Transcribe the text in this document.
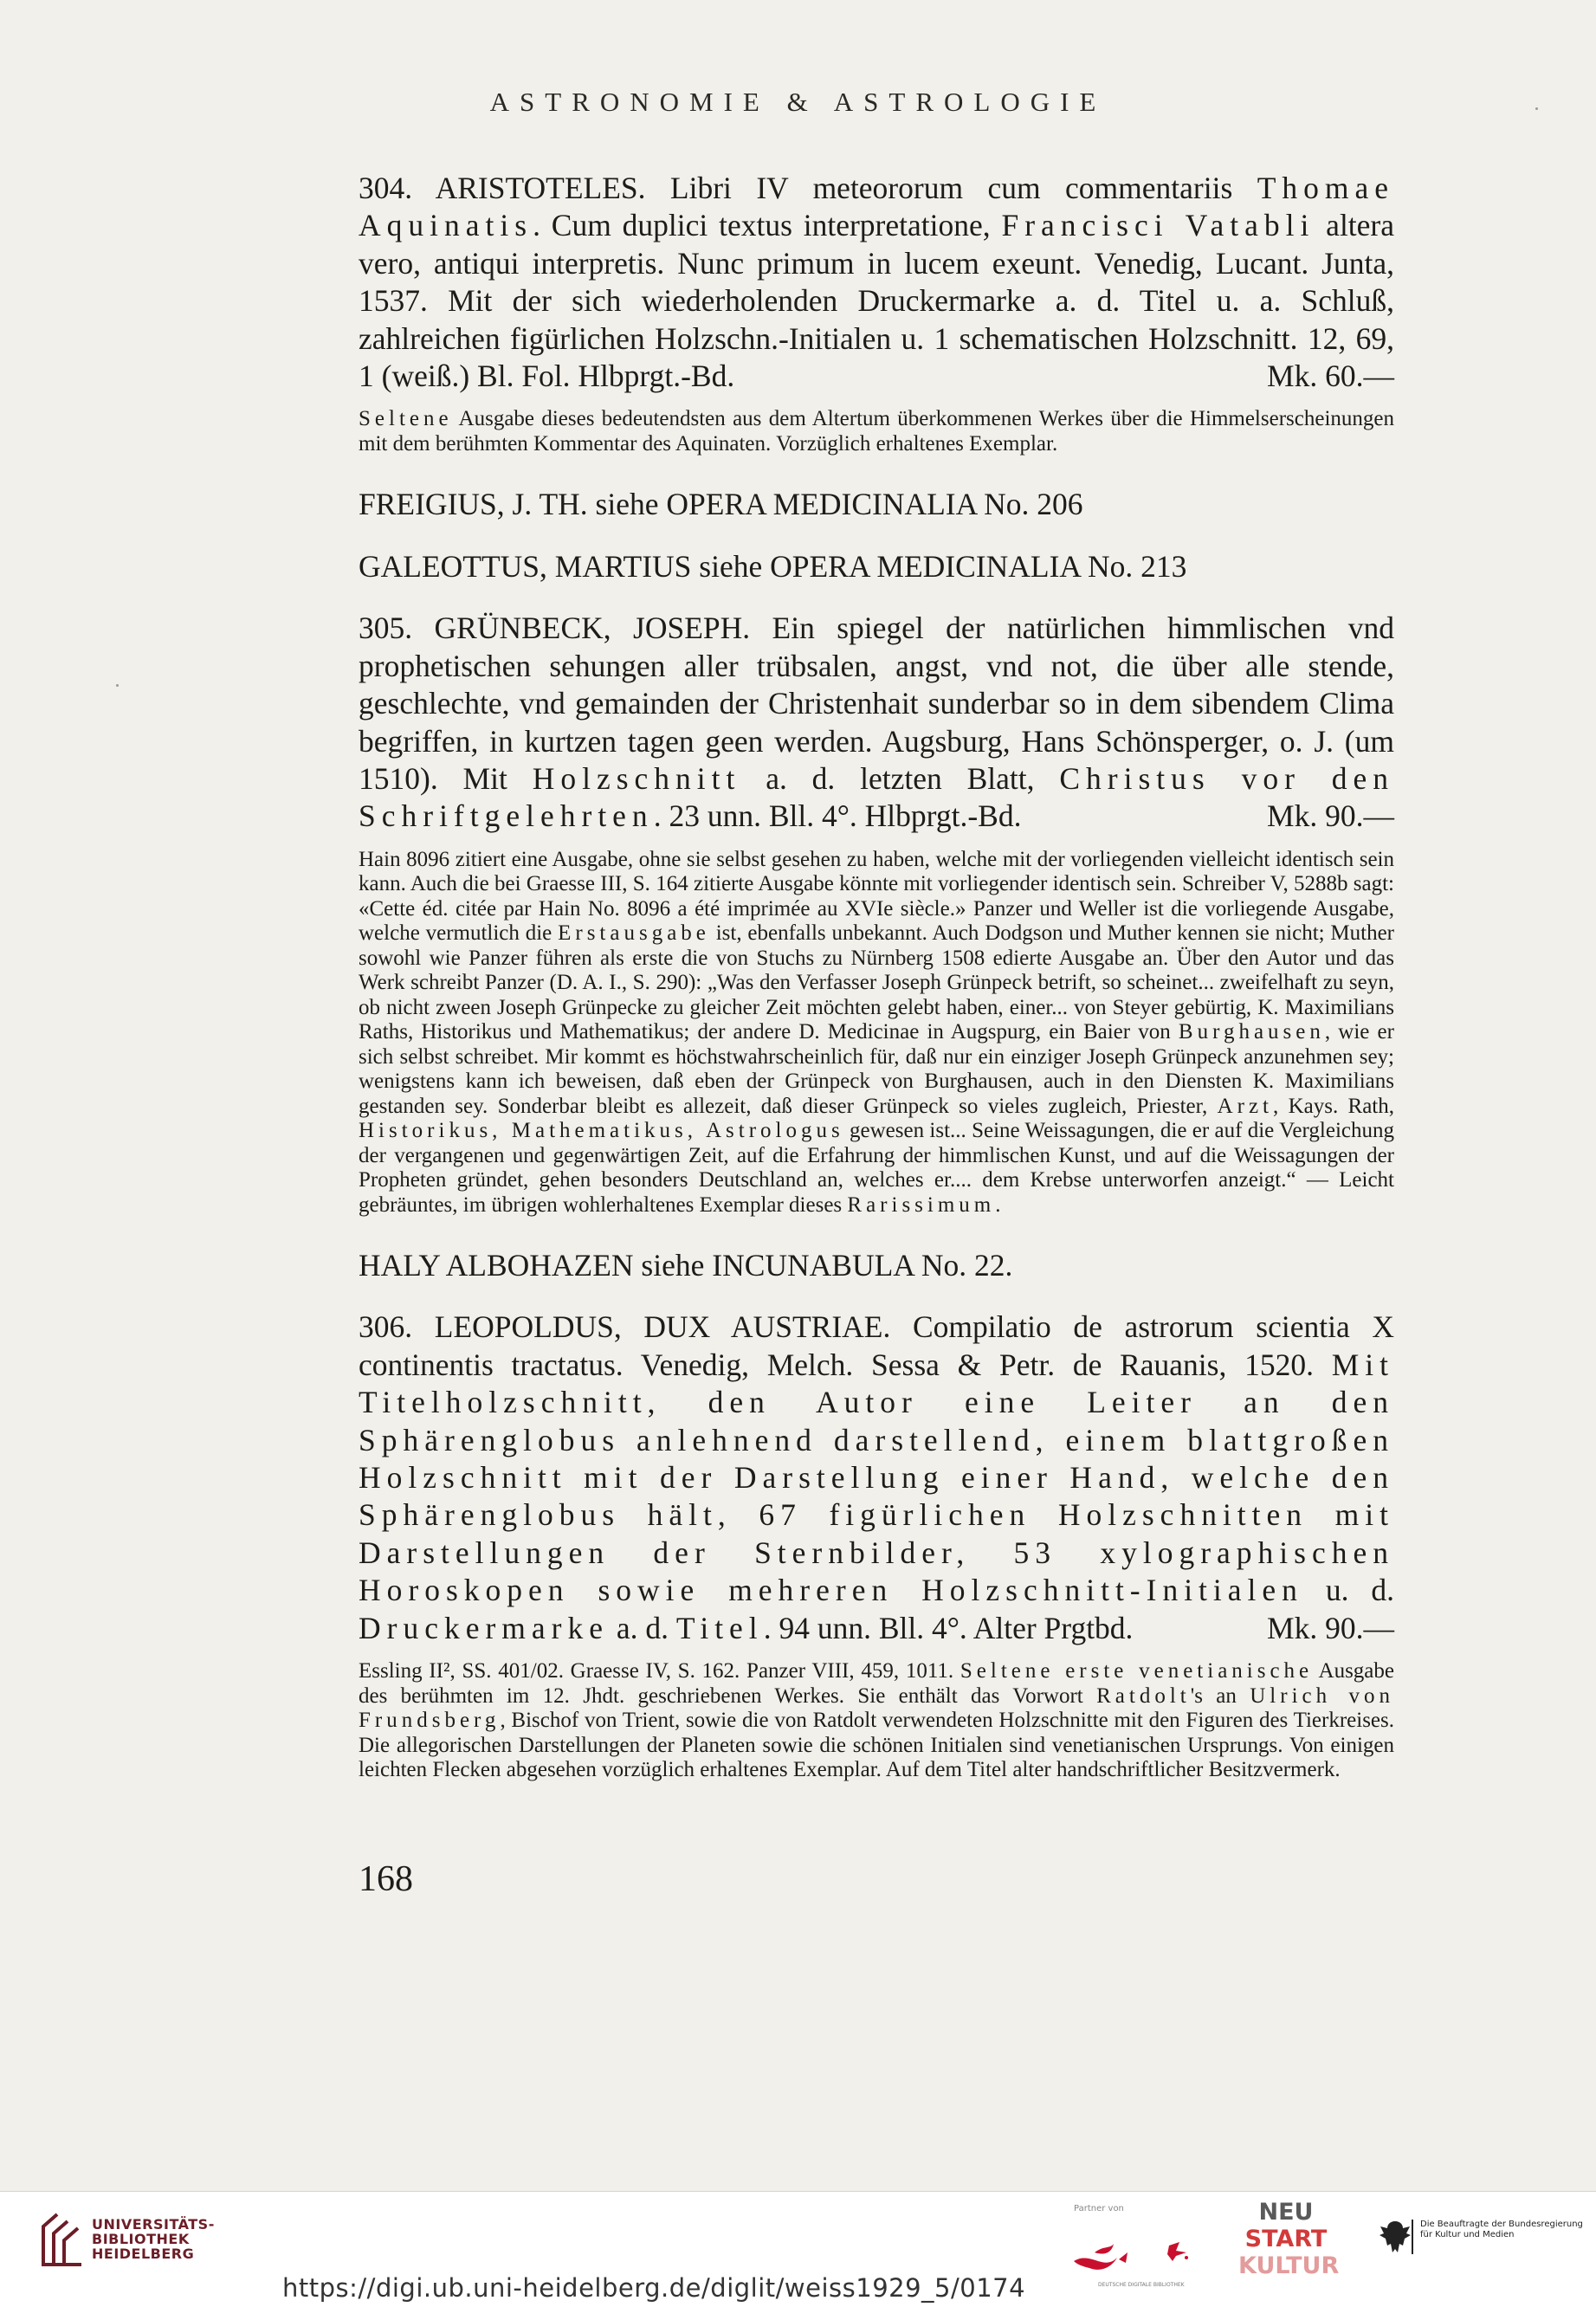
ASTRONOMIE & ASTROLOGIE

304. ARISTOTELES. Libri IV meteororum cum commentariis Thomae Aquinatis. Cum duplici textus interpretatione, Francisci Vatabli altera vero, antiqui interpretis. Nunc primum in lucem exeunt. Venedig, Lucant. Junta, 1537. Mit der sich wiederholenden Druckermarke a. d. Titel u. a. Schluß, zahlreichen figürlichen Holzschn.-Initialen u. 1 schematischen Holzschnitt. 12, 69, 1 (weiß.) Bl. Fol. Hlbprgt.-Bd.	Mk. 60.—

Seltene Ausgabe dieses bedeutendsten aus dem Altertum überkommenen Werkes über die Himmelserscheinungen mit dem berühmten Kommentar des Aquinaten. Vorzüglich erhaltenes Exemplar.

FREIGIUS, J. TH. siehe OPERA MEDICINALIA No. 206

GALEOTTUS, MARTIUS siehe OPERA MEDICINALIA No. 213

305. GRÜNBECK, JOSEPH. Ein spiegel der natürlichen himmlischen vnd prophetischen sehungen aller trübsalen, angst, vnd not, die über alle stende, geschlechte, vnd gemainden der Christenhait sunderbar so in dem sibendem Clima begriffen, in kurtzen tagen geen werden. Augsburg, Hans Schönsperger, o. J. (um 1510). Mit Holzschnitt a. d. letzten Blatt, Christus vor den Schriftgelehrten. 23 unn. Bll. 4°. Hlbprgt.-Bd.	Mk. 90.—

Hain 8096 zitiert eine Ausgabe, ohne sie selbst gesehen zu haben, welche mit der vorliegenden vielleicht identisch sein kann. Auch die bei Graesse III, S. 164 zitierte Ausgabe könnte mit vorliegender identisch sein. Schreiber V, 5288b sagt: «Cette éd. citée par Hain No. 8096 a été imprimée au XVIe siècle.» Panzer und Weller ist die vorliegende Ausgabe, welche vermutlich die Erstausgabe ist, ebenfalls unbekannt. Auch Dodgson und Muther kennen sie nicht; Muther sowohl wie Panzer führen als erste die von Stuchs zu Nürnberg 1508 edierte Ausgabe an. Über den Autor und das Werk schreibt Panzer (D. A. I., S. 290): „Was den Verfasser Joseph Grünpeck betrift, so scheinet... zweifelhaft zu seyn, ob nicht zween Joseph Grünpecke zu gleicher Zeit möchten gelebt haben, einer... von Steyer gebürtig, K. Maximilians Raths, Historikus und Mathematikus; der andere D. Medicinae in Augspurg, ein Baier von Burghausen, wie er sich selbst schreibet. Mir kommt es höchstwahrscheinlich für, daß nur ein einziger Joseph Grünpeck anzunehmen sey; wenigstens kann ich beweisen, daß eben der Grünpeck von Burghausen, auch in den Diensten K. Maximilians gestanden sey. Sonderbar bleibt es allezeit, daß dieser Grünpeck so vieles zugleich, Priester, Arzt, Kays. Rath, Historikus, Mathematikus, Astrologus gewesen ist... Seine Weissagungen, die er auf die Vergleichung der vergangenen und gegenwärtigen Zeit, auf die Erfahrung der himmlischen Kunst, und auf die Weissagungen der Propheten gründet, gehen besonders Deutschland an, welches er.... dem Krebse unterworfen anzeigt.“ — Leicht gebräuntes, im übrigen wohlerhaltenes Exemplar dieses Rarissimum.

HALY ALBOHAZEN siehe INCUNABULA No. 22.

306. LEOPOLDUS, DUX AUSTRIAE. Compilatio de astrorum scientia X continentis tractatus. Venedig, Melch. Sessa & Petr. de Rauanis, 1520. Mit Titelholzschnitt, den Autor eine Leiter an den Sphärenglobus anlehnend darstellend, einem blattgroßen Holzschnitt mit der Darstellung einer Hand, welche den Sphärenglobus hält, 67 figürlichen Holzschnitten mit Darstellungen der Sternbilder, 53 xylographischen Horoskopen sowie mehreren Holzschnitt-Initialen u. d. Druckermarke a. d. Titel. 94 unn. Bll. 4°. Alter Prgtbd.	Mk. 90.—

Essling II², SS. 401/02. Graesse IV, S. 162. Panzer VIII, 459, 1011. Seltene erste venetianische Ausgabe des berühmten im 12. Jhdt. geschriebenen Werkes. Sie enthält das Vorwort Ratdolt's an Ulrich von Frundsberg, Bischof von Trient, sowie die von Ratdolt verwendeten Holzschnitte mit den Figuren des Tierkreises. Die allegorischen Darstellungen der Planeten sowie die schönen Initialen sind venetianischen Ursprungs. Von einigen leichten Flecken abgesehen vorzüglich erhaltenes Exemplar. Auf dem Titel alter handschriftlicher Besitzvermerk.

168
UNIVERSITÄTS-
BIBLIOTHEK
HEIDELBERG
https://digi.ub.uni-heidelberg.de/diglit/weiss1929_5/0174
Partner von
DEUTSCHE DIGITALE BIBLIOTHEK
NEU
START
KULTUR
Die Beauftragte der Bundesregierung
für Kultur und Medien
